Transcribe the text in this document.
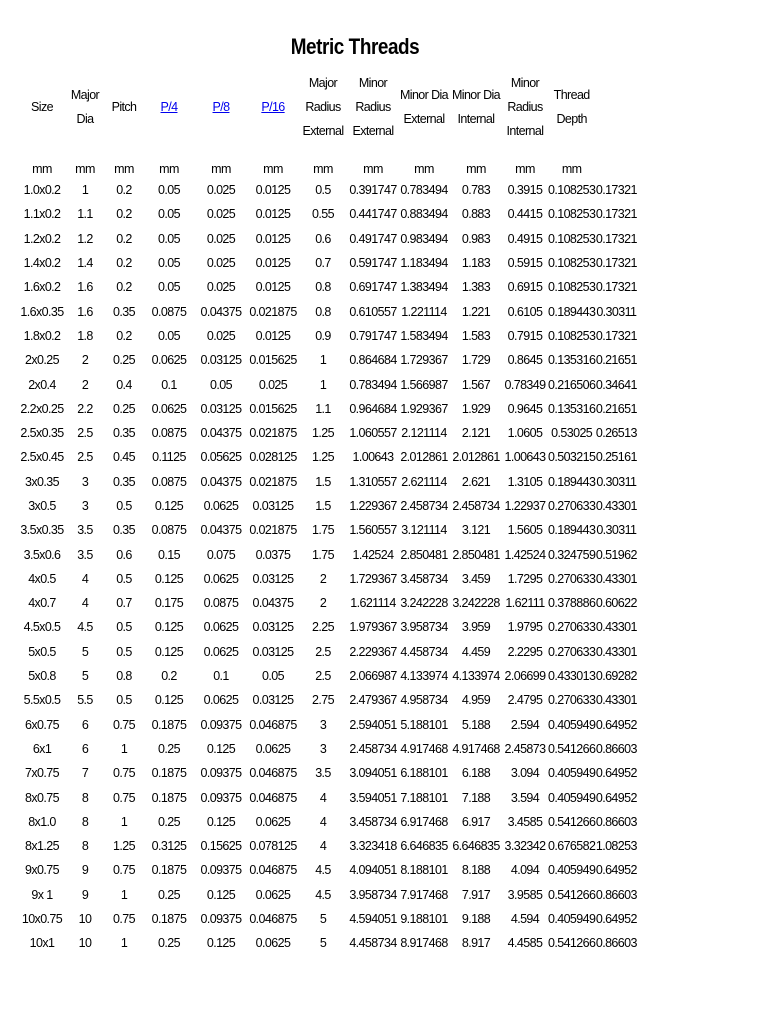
Metric Threads
Size	Major Dia	Pitch	P/4	P/8	P/16	Major Radius External	Minor Radius External	Minor Dia External	Minor Dia Internal	Minor Radius Internal	Thread Depth	

mm	mm	mm	mm	mm	mm	mm	mm	mm	mm	mm	mm	
1.0x0.2	1	0.2	0.05	0.025	0.0125	0.5	0.391747	0.783494	0.783	0.3915	0.108253	0.17321
1.1x0.2	1.1	0.2	0.05	0.025	0.0125	0.55	0.441747	0.883494	0.883	0.4415	0.108253	0.17321
1.2x0.2	1.2	0.2	0.05	0.025	0.0125	0.6	0.491747	0.983494	0.983	0.4915	0.108253	0.17321
1.4x0.2	1.4	0.2	0.05	0.025	0.0125	0.7	0.591747	1.183494	1.183	0.5915	0.108253	0.17321
1.6x0.2	1.6	0.2	0.05	0.025	0.0125	0.8	0.691747	1.383494	1.383	0.6915	0.108253	0.17321
1.6x0.35	1.6	0.35	0.0875	0.04375	0.021875	0.8	0.610557	1.221114	1.221	0.6105	0.189443	0.30311
1.8x0.2	1.8	0.2	0.05	0.025	0.0125	0.9	0.791747	1.583494	1.583	0.7915	0.108253	0.17321
2x0.25	2	0.25	0.0625	0.03125	0.015625	1	0.864684	1.729367	1.729	0.8645	0.135316	0.21651
2x0.4	2	0.4	0.1	0.05	0.025	1	0.783494	1.566987	1.567	0.78349	0.216506	0.34641
2.2x0.25	2.2	0.25	0.0625	0.03125	0.015625	1.1	0.964684	1.929367	1.929	0.9645	0.135316	0.21651
2.5x0.35	2.5	0.35	0.0875	0.04375	0.021875	1.25	1.060557	2.121114	2.121	1.0605	0.53025	0.26513
2.5x0.45	2.5	0.45	0.1125	0.05625	0.028125	1.25	1.00643	2.012861	2.012861	1.00643	0.503215	0.25161
3x0.35	3	0.35	0.0875	0.04375	0.021875	1.5	1.310557	2.621114	2.621	1.3105	0.189443	0.30311
3x0.5	3	0.5	0.125	0.0625	0.03125	1.5	1.229367	2.458734	2.458734	1.22937	0.270633	0.43301
3.5x0.35	3.5	0.35	0.0875	0.04375	0.021875	1.75	1.560557	3.121114	3.121	1.5605	0.189443	0.30311
3.5x0.6	3.5	0.6	0.15	0.075	0.0375	1.75	1.42524	2.850481	2.850481	1.42524	0.324759	0.51962
4x0.5	4	0.5	0.125	0.0625	0.03125	2	1.729367	3.458734	3.459	1.7295	0.270633	0.43301
4x0.7	4	0.7	0.175	0.0875	0.04375	2	1.621114	3.242228	3.242228	1.62111	0.378886	0.60622
4.5x0.5	4.5	0.5	0.125	0.0625	0.03125	2.25	1.979367	3.958734	3.959	1.9795	0.270633	0.43301
5x0.5	5	0.5	0.125	0.0625	0.03125	2.5	2.229367	4.458734	4.459	2.2295	0.270633	0.43301
5x0.8	5	0.8	0.2	0.1	0.05	2.5	2.066987	4.133974	4.133974	2.06699	0.433013	0.69282
5.5x0.5	5.5	0.5	0.125	0.0625	0.03125	2.75	2.479367	4.958734	4.959	2.4795	0.270633	0.43301
6x0.75	6	0.75	0.1875	0.09375	0.046875	3	2.594051	5.188101	5.188	2.594	0.405949	0.64952
6x1	6	1	0.25	0.125	0.0625	3	2.458734	4.917468	4.917468	2.45873	0.541266	0.86603
7x0.75	7	0.75	0.1875	0.09375	0.046875	3.5	3.094051	6.188101	6.188	3.094	0.405949	0.64952
8x0.75	8	0.75	0.1875	0.09375	0.046875	4	3.594051	7.188101	7.188	3.594	0.405949	0.64952
8x1.0	8	1	0.25	0.125	0.0625	4	3.458734	6.917468	6.917	3.4585	0.541266	0.86603
8x1.25	8	1.25	0.3125	0.15625	0.078125	4	3.323418	6.646835	6.646835	3.32342	0.676582	1.08253
9x0.75	9	0.75	0.1875	0.09375	0.046875	4.5	4.094051	8.188101	8.188	4.094	0.405949	0.64952
9x 1	9	1	0.25	0.125	0.0625	4.5	3.958734	7.917468	7.917	3.9585	0.541266	0.86603
10x0.75	10	0.75	0.1875	0.09375	0.046875	5	4.594051	9.188101	9.188	4.594	0.405949	0.64952
10x1	10	1	0.25	0.125	0.0625	5	4.458734	8.917468	8.917	4.4585	0.541266	0.86603
